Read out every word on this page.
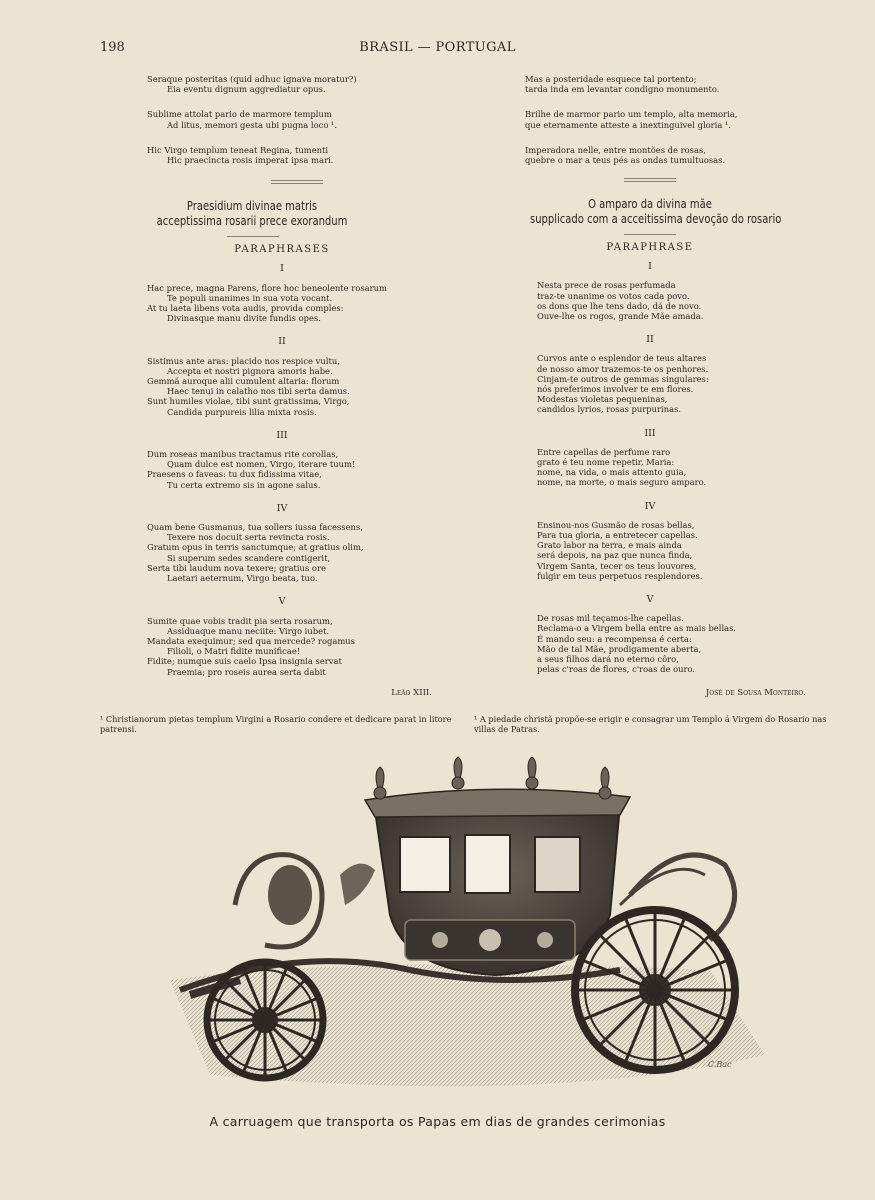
198	BRASIL — PORTUGAL
Seraque posteritas (quid adhuc ignava moratur?)
Eia eventu dignum aggrediatur opus.
Sublime attolat pario de marmore templum
Ad litus, memori gesta ubi pugna loco ¹.
Hic Virgo templum teneat Regina, tumenti
Hic praecincta rosis imperat ipsa mari.
Praesidium divinae matris
acceptissima rosarii prece exorandum
PARAPHRASES
I
Hac prece, magna Parens, flore hoc beneolente rosarum
Te populi unanimes in sua vota vocant.
At tu laeta libens vota audis, provida comples:
Divinasque manu divite fundis opes.
II
Sistimus ante aras: placido nos respice vultu,
Accepta et nostri pignora amoris habe.
Gemmä auroque alii cumulent altaria: florum
Haec tenui in calatho nos tibi serta damus.
Sunt humiles violae, tibi sunt gratissima, Virgo,
Candida purpureis lilia mixta rosis.
III
Dum roseas manibus tractamus rite corollas,
Quam dulce est nomen, Virgo, iterare tuum!
Praesens o faveas: tu dux fidissima vitae,
Tu certa extremo sis in agone salus.
IV
Quam bene Gusmanus, tua sollers iussa facessens,
Texere nos docuit serta revincta rosis.
Gratum opus in terris sanctumque; at gratius olim,
Si superum sedes scandere contigerit,
Serta tibi laudum nova texere; gratius ore
Laetari aeternum, Virgo beata, tuo.
V
Sumite quae vobis tradit pia serta rosarum,
Assiduaque manu neciite: Virgo iubet.
Mandata exequimur; sed qua mercede? rogamus
Filioli, o Matri fidite munificae!
Fidite; numque suis caelo Ipsa insignia servat
Praemia; pro roseis aurea serta dabit
Leão XIII.
Mas a posteridade esquece tal portento;
tarda inda em levantar condigno monumento.
Brilhe de marmor pario um templo, alta memoria,
que eternamente atteste a inextinguivel gloria ¹.
Imperadora nelle, entre montões de rosas,
quebre o mar a teus pés as ondas tumultuosas.
O amparo da divina mãe
supplicado com a acceitissima devoção do rosario
PARAPHRASE
I
Nesta prece de rosas perfumada
traz-te unanime os votos cada povo.
os dons que lhe tens dado, dá de novo.
Ouve-lhe os rogos, grande Mãe amada.
II
Curvos ante o esplendor de teus altares
de nosso amor trazemos-te os penhores.
Cinjam-te outros de gemmas singulares:
nós preferimos involver te em flores.
Modestas violetas pequeninas,
candidos lyrios, rosas purpurinas.
III
Entre capellas de perfume raro
grato é teu nome repetir, Maria:
nome, na vida, o mais attento guia,
nome, na morte, o mais seguro amparo.
IV
Ensinou-nos Gusmão de rosas bellas,
Para tua gloria, a entretecer capellas.
Grato labor na terra, e mais ainda
será depois, na paz que nunca finda,
Virgem Santa, tecer os teus louvores,
fulgir em teus perpetuos resplendores.
V
De rosas mil teçamos-lhe capellas.
Reclama-o a Virgem bella entre as mais bellas.
É mando seu: a recompensa é certa:
Mão de tal Mãe, prodigamente aberta,
a seus filhos dará no eterno côro,
pelas c'roas de flores, c'roas de ouro.
José de Sousa Monteiro.
¹ Christianorum pietas templum Virgini a Rosario condere et dedicare parat in litore patrensi.
¹ A piedade christã propõe-se erigir e consagrar um Templo á Virgem do Rosario nas villas de Patras.
C.Bac
A carruagem que transporta os Papas em dias de grandes cerimonias
